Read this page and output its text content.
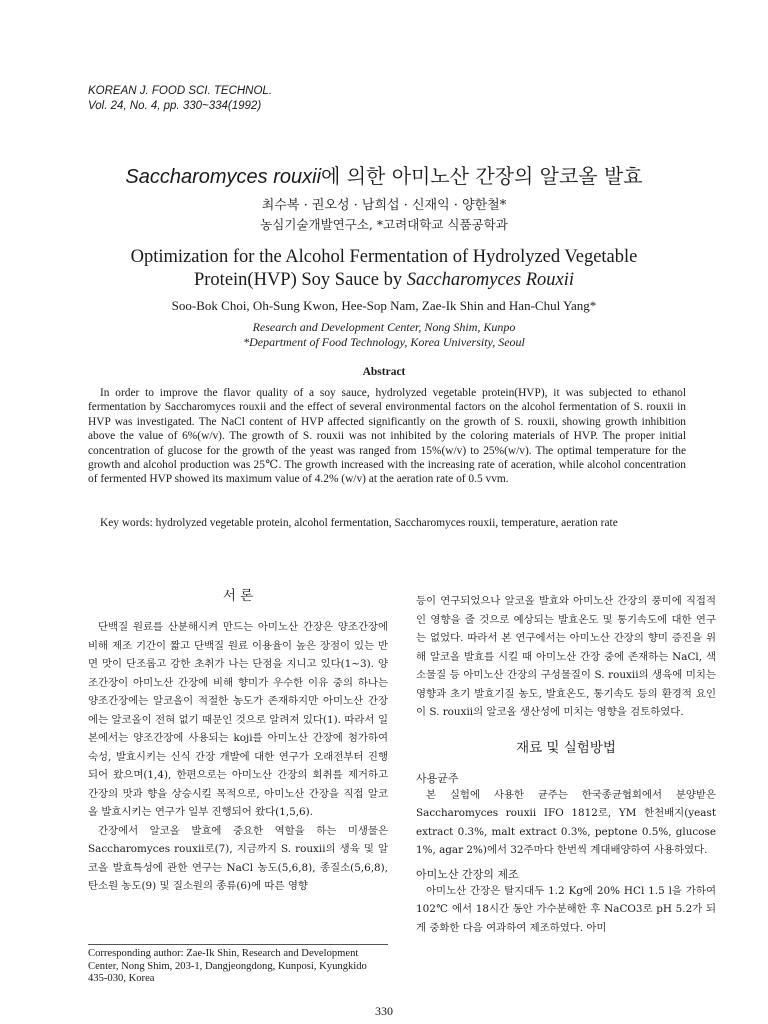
KOREAN J. FOOD SCI. TECHNOL.
Vol. 24, No. 4, pp. 330~334(1992)
Saccharomyces rouxii에 의한 아미노산 간장의 알코올 발효
최수복 · 권오성 · 남희섭 · 신재익 · 양한철*
농심기술개발연구소, *고려대학교 식품공학과
Optimization for the Alcohol Fermentation of Hydrolyzed Vegetable
Protein(HVP) Soy Sauce by Saccharomyces Rouxii
Soo-Bok Choi, Oh-Sung Kwon, Hee-Sop Nam, Zae-Ik Shin and Han-Chul Yang*
Research and Development Center, Nong Shim, Kunpo
*Department of Food Technology, Korea University, Seoul
Abstract
In order to improve the flavor quality of a soy sauce, hydrolyzed vegetable protein(HVP), it was subjected to ethanol fermentation by Saccharomyces rouxii and the effect of several environmental factors on the alcohol fermentation of S. rouxii in HVP was investigated. The NaCl content of HVP affected significantly on the growth of S. rouxii, showing growth inhibition above the value of 6%(w/v). The growth of S. rouxii was not inhibited by the coloring materials of HVP. The proper initial concentration of glucose for the growth of the yeast was ranged from 15%(w/v) to 25%(w/v). The optimal temperature for the growth and alcohol production was 25℃. The growth increased with the increasing rate of aceration, while alcohol concentration of fermented HVP showed its maximum value of 4.2% (w/v) at the aeration rate of 0.5 vvm.
Key words: hydrolyzed vegetable protein, alcohol fermentation, Saccharomyces rouxii, temperature, aeration rate
서 론
단백질 원료를 산분해시켜 만드는 아미노산 간장은 양조간장에 비해 제조 기간이 짧고 단백질 원료 이용율이 높은 장점이 있는 반면 맛이 단조롭고 강한 초취가 나는 단점을 지니고 있다(1~3). 양조간장이 아미노산 간장에 비해 향미가 우수한 이유 중의 하나는 양조간장에는 알코올이 적절한 농도가 존재하지만 아미노산 간장에는 알코올이 전혀 없기 때문인 것으로 알려져 있다(1). 따라서 일본에서는 양조간장에 사용되는 koji를 아미노산 간장에 첨가하여 숙성, 발효시키는 신식 간장 개발에 대한 연구가 오래전부터 진행되어 왔으며(1,4), 한편으로는 아미노산 간장의 회취를 제거하고 간장의 맛과 향을 상승시킬 목적으로, 아미노산 간장을 직접 알코올 발효시키는 연구가 일부 진행되어 왔다(1,5,6).
간장에서 알코올 발효에 중요한 역할을 하는 미생물은 Saccharomyces rouxii로(7), 지금까지 S. rouxii의 생육 및 알코올 발효특성에 관한 연구는 NaCl 농도(5,6,8), 종질소(5,6,8), 탄소원 농도(9) 및 질소원의 종류(6)에 따른 영향
Corresponding author: Zae-Ik Shin, Research and Development Center, Nong Shim, 203-1, Dangjeongdong, Kunposi, Kyungkido 435-030, Korea
등이 연구되었으나 알코올 발효와 아미노산 간장의 풍미에 직접적인 영향을 줄 것으로 예상되는 발효온도 및 통기속도에 대한 연구는 없었다. 따라서 본 연구에서는 아미노산 간장의 향미 증진을 위해 알코올 발효를 시킬 때 아미노산 간장 중에 존재하는 NaCl, 색소물질 등 아미노산 간장의 구성물질이 S. rouxii의 생육에 미치는 영향과 초기 발효기질 농도, 발효온도, 통기속도 등의 환경적 요인이 S. rouxii의 알코올 생산성에 미치는 영향을 검토하였다.
재료 및 실험방법
사용균주
본 실험에 사용한 균주는 한국종균협회에서 분양받은 Saccharomyces rouxii IFO 1812로, YM 한천배지(yeast extract 0.3%, malt extract 0.3%, peptone 0.5%, glucose 1%, agar 2%)에서 32주마다 한번씩 계대배양하여 사용하였다.
아미노산 간장의 제조
아미노산 간장은 탈지대두 1.2 Kg에 20% HCl 1.5 l을 가하여 102℃ 에서 18시간 동안 가수분해한 후 NaCO3로 pH 5.2가 되게 중화한 다음 여과하여 제조하였다. 아미
330
